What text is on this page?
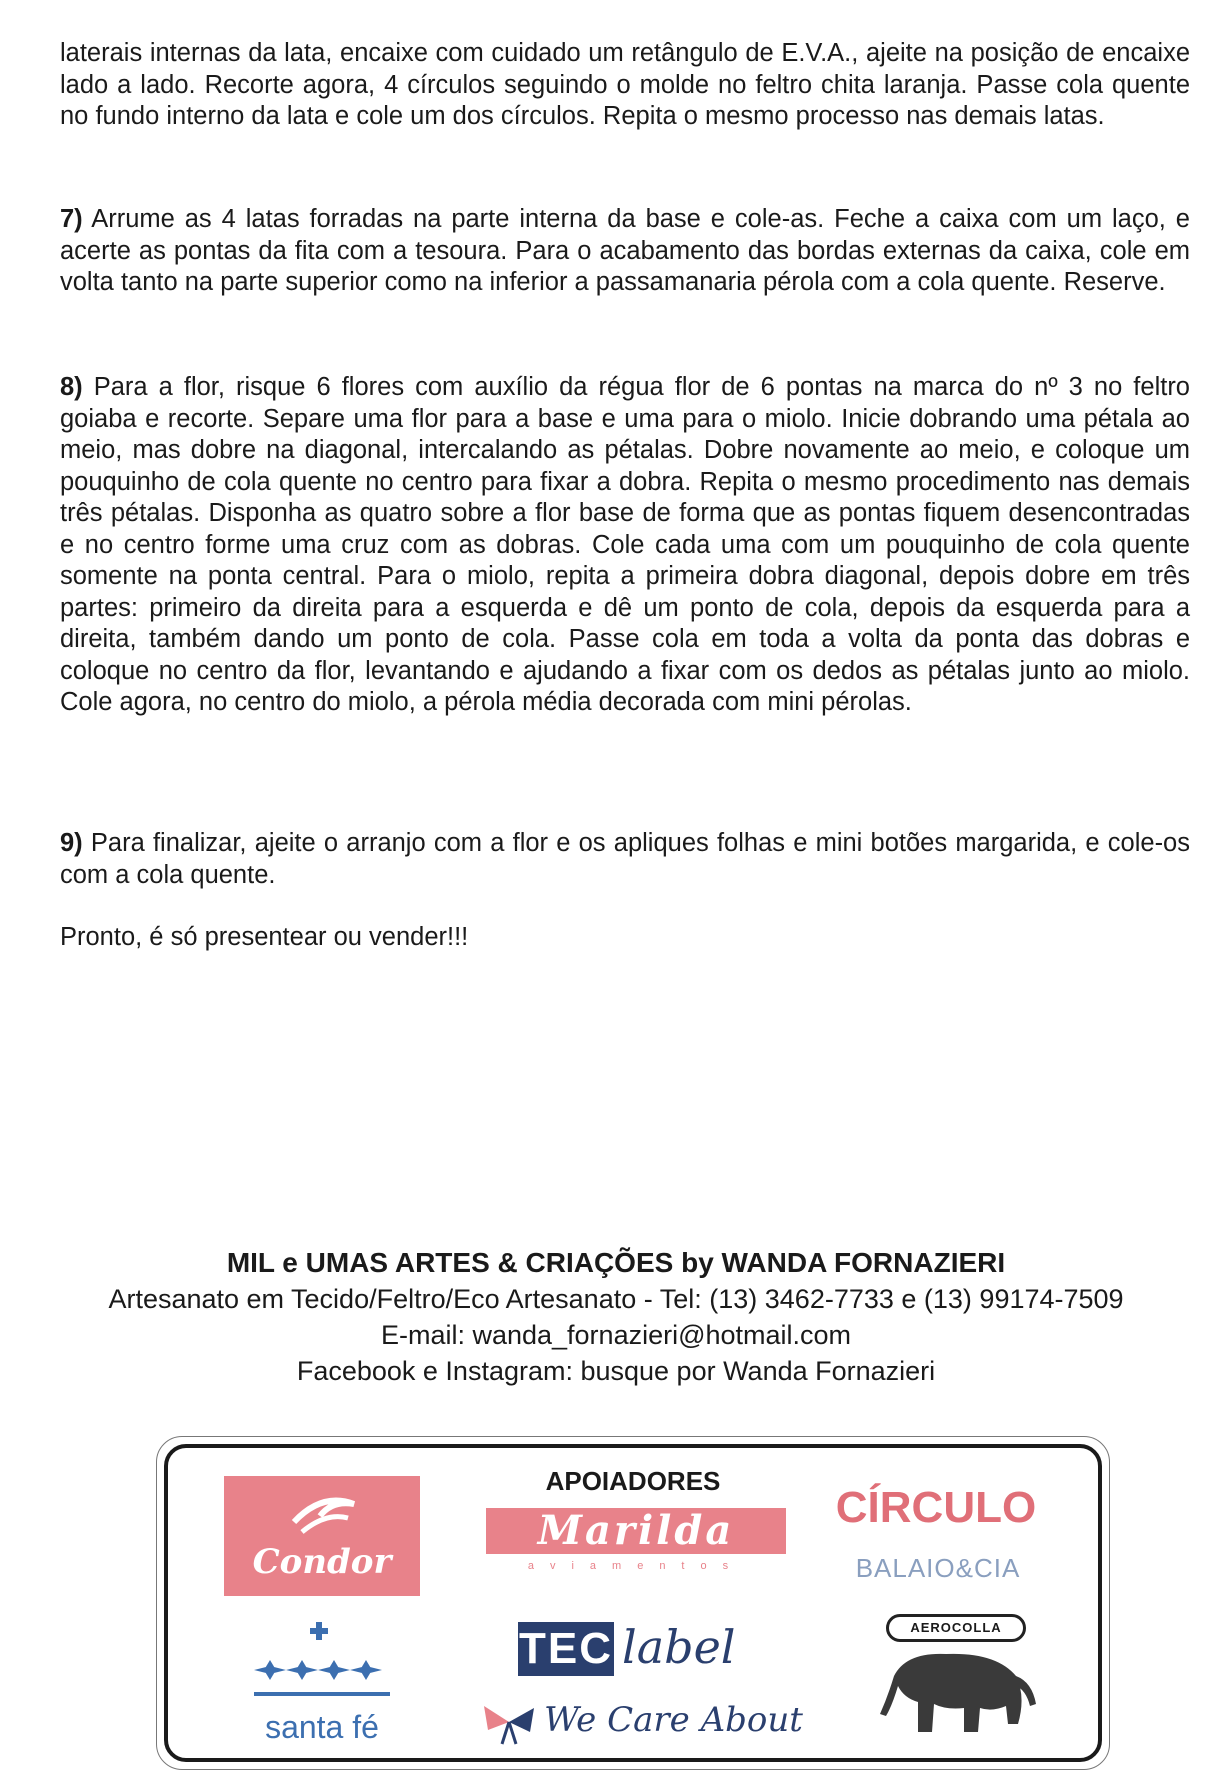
laterais internas da lata, encaixe com cuidado um retângulo de E.V.A., ajeite na posição de encaixe lado a lado. Recorte agora, 4 círculos seguindo o molde no feltro chita laranja. Passe cola quente no fundo interno da lata e cole um dos círculos. Repita o mesmo processo nas demais latas.
7) Arrume as 4 latas forradas na parte interna da base e cole-as. Feche a caixa com um laço, e acerte as pontas da fita com a tesoura. Para o acabamento das bordas externas da caixa, cole em volta tanto na parte superior como na inferior a passamanaria pérola com a cola quente. Reserve.
8) Para a flor, risque 6 flores com auxílio da régua flor de 6 pontas na marca do nº 3 no feltro goiaba e recorte. Separe uma flor para a base e uma para o miolo. Inicie dobrando uma pétala ao meio, mas dobre na diagonal, intercalando as pétalas. Dobre novamente ao meio, e coloque um pouquinho de cola quente no centro para fixar a dobra. Repita o mesmo procedimento nas demais três pétalas. Disponha as quatro sobre a flor base de forma que as pontas fiquem desencontradas e no centro forme uma cruz com as dobras. Cole cada uma com um pouquinho de cola quente somente na ponta central. Para o miolo, repita a primeira dobra diagonal, depois dobre em três partes: primeiro da direita para a esquerda e dê um ponto de cola, depois da esquerda para a direita, também dando um ponto de cola. Passe cola em toda a volta da ponta das dobras e coloque no centro da flor, levantando e ajudando a fixar com os dedos as pétalas junto ao miolo. Cole agora, no centro do miolo, a pérola média decorada com mini pérolas.
9) Para finalizar, ajeite o arranjo com a flor e os apliques folhas e mini botões margarida, e cole-os com a cola quente.
Pronto, é só presentear ou vender!!!
MIL e UMAS ARTES & CRIAÇÕES by WANDA FORNAZIERI
Artesanato em Tecido/Feltro/Eco Artesanato - Tel: (13) 3462-7733 e (13) 99174-7509
E-mail: wanda_fornazieri@hotmail.com
Facebook e Instagram: busque por Wanda Fornazieri
APOIADORES
Condor
Marilda
aviamentos
CÍRCULO
BALAIO&CIA
santa fé
TEC label
We Care About
AEROCOLLA
